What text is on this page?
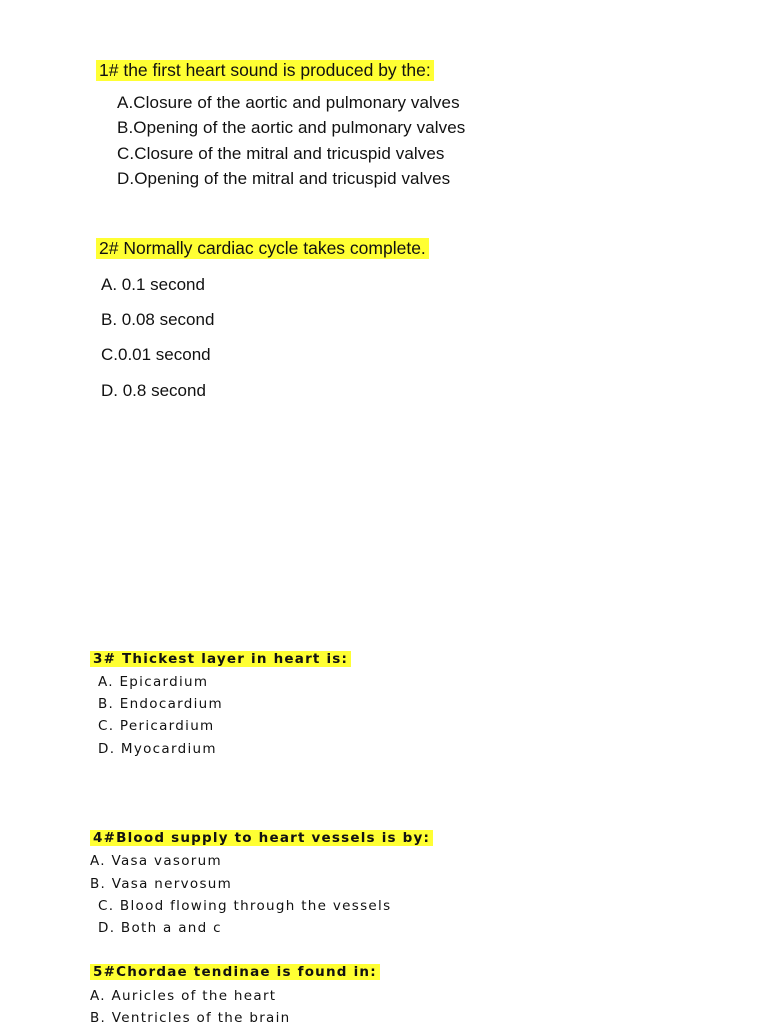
1# the first heart sound is produced by the:
A.Closure of the aortic and pulmonary valves
B.Opening of the aortic and pulmonary valves
C.Closure of the mitral and tricuspid valves
D.Opening of the mitral and tricuspid valves
2# Normally cardiac cycle takes complete.
A. 0.1 second
B. 0.08 second
C.0.01 second
D. 0.8 second
3# Thickest layer in heart is:
A. Epicardium
B. Endocardium
C. Pericardium
D. Myocardium
4#Blood supply to heart vessels is by:
A. Vasa vasorum
B. Vasa nervosum
C. Blood flowing through the vessels
D. Both a and c
5#Chordae tendinae is found in:
A. Auricles of the heart
B. Ventricles of the brain
